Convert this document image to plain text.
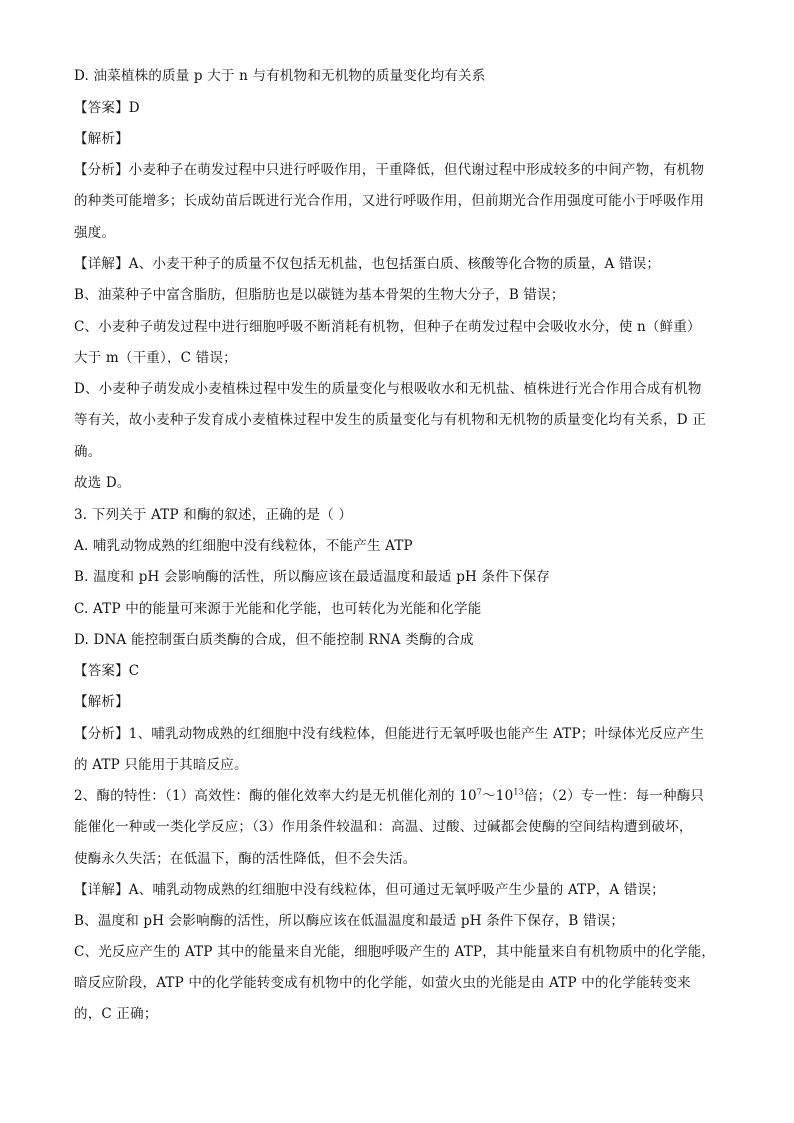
D. 油菜植株的质量 p 大于 n 与有机物和无机物的质量变化均有关系
【答案】D
【解析】
【分析】小麦种子在萌发过程中只进行呼吸作用，干重降低，但代谢过程中形成较多的中间产物，有机物
的种类可能增多；长成幼苗后既进行光合作用，又进行呼吸作用，但前期光合作用强度可能小于呼吸作用
强度。
【详解】A、小麦干种子的质量不仅包括无机盐，也包括蛋白质、核酸等化合物的质量，A 错误；
B、油菜种子中富含脂肪，但脂肪也是以碳链为基本骨架的生物大分子，B 错误；
C、小麦种子萌发过程中进行细胞呼吸不断消耗有机物，但种子在萌发过程中会吸收水分，使 n（鲜重）
大于 m（干重），C 错误；
D、小麦种子萌发成小麦植株过程中发生的质量变化与根吸收水和无机盐、植株进行光合作用合成有机物
等有关，故小麦种子发育成小麦植株过程中发生的质量变化与有机物和无机物的质量变化均有关系，D 正
确。
故选 D。
3. 下列关于 ATP 和酶的叙述，正确的是（ ）
A. 哺乳动物成熟的红细胞中没有线粒体，不能产生 ATP
B. 温度和 pH 会影响酶的活性，所以酶应该在最适温度和最适 pH 条件下保存
C. ATP 中的能量可来源于光能和化学能，也可转化为光能和化学能
D. DNA 能控制蛋白质类酶的合成，但不能控制 RNA 类酶的合成
【答案】C
【解析】
【分析】1、哺乳动物成熟的红细胞中没有线粒体，但能进行无氧呼吸也能产生 ATP；叶绿体光反应产生
的 ATP 只能用于其暗反应。
2、酶的特性：（1）高效性：酶的催化效率大约是无机催化剂的 $10^7\sim 10^{13}$倍；（2）专一性：每一种酶只
能催化一种或一类化学反应；（3）作用条件较温和：高温、过酸、过碱都会使酶的空间结构遭到破坏，
使酶永久失活；在低温下，酶的活性降低，但不会失活。
【详解】A、哺乳动物成熟的红细胞中没有线粒体，但可通过无氧呼吸产生少量的 ATP，A 错误；
B、温度和 pH 会影响酶的活性，所以酶应该在低温温度和最适 pH 条件下保存，B 错误；
C、光反应产生的 ATP 其中的能量来自光能，细胞呼吸产生的 ATP，其中能量来自有机物质中的化学能，
暗反应阶段，ATP 中的化学能转变成有机物中的化学能，如萤火虫的光能是由 ATP 中的化学能转变来
的，C 正确；
